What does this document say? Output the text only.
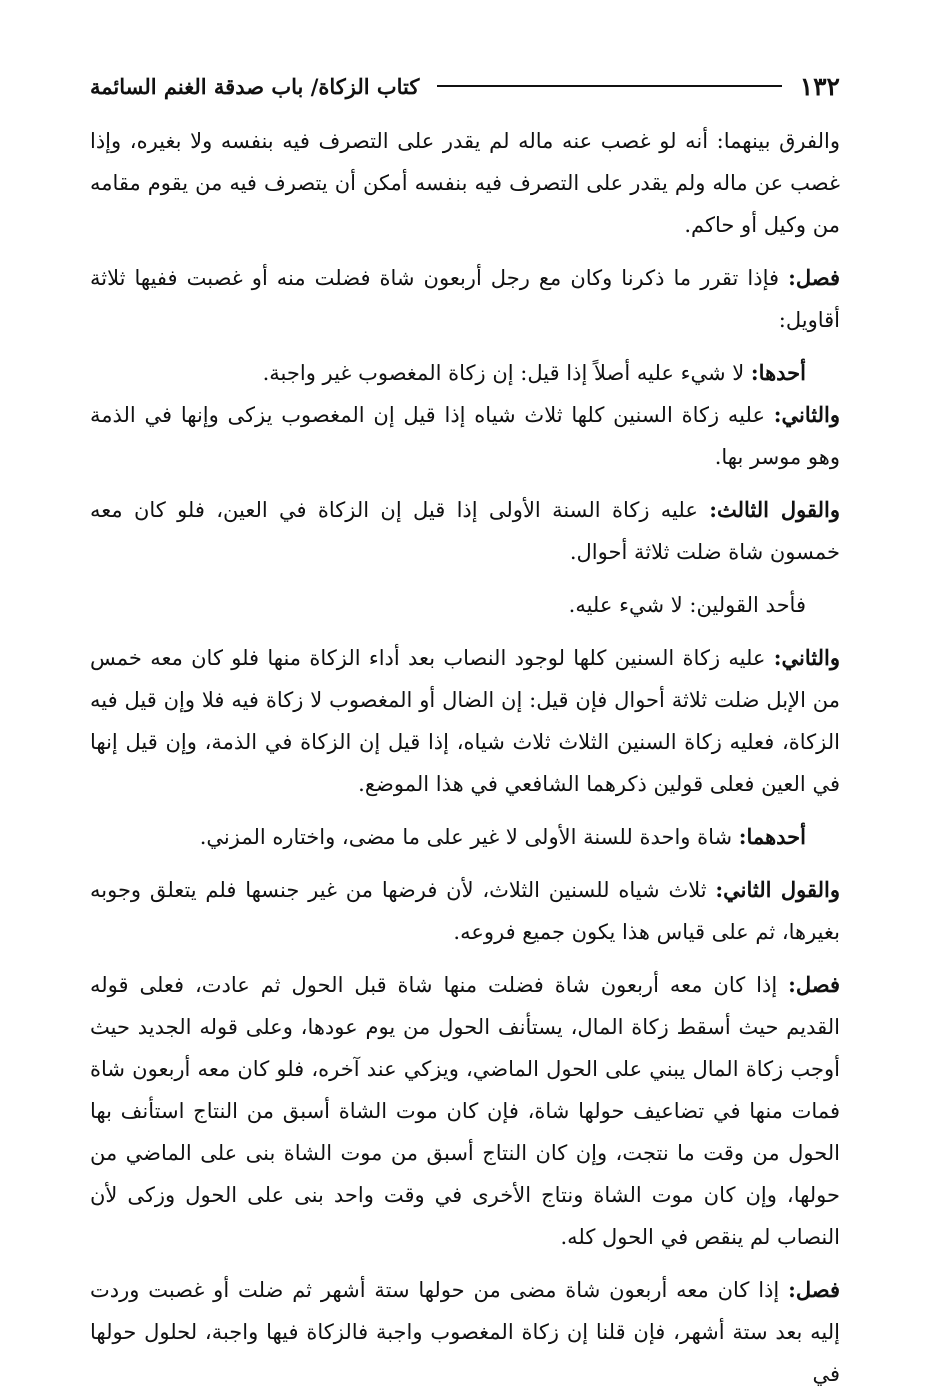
١٣٢
كتاب الزكاة/ باب صدقة الغنم السائمة

والفرق بينهما: أنه لو غصب عنه ماله لم يقدر على التصرف فيه بنفسه ولا بغيره، وإذا غصب عن ماله ولم يقدر على التصرف فيه بنفسه أمكن أن يتصرف فيه من يقوم مقامه من وكيل أو حاكم.

فصل: فإذا تقرر ما ذكرنا وكان مع رجل أربعون شاة فضلت منه أو غصبت ففيها ثلاثة أقاويل:

أحدها: لا شيء عليه أصلاً إذا قيل: إن زكاة المغصوب غير واجبة.

والثاني: عليه زكاة السنين كلها ثلاث شياه إذا قيل إن المغصوب يزكى وإنها في الذمة وهو موسر بها.

والقول الثالث: عليه زكاة السنة الأولى إذا قيل إن الزكاة في العين، فلو كان معه خمسون شاة ضلت ثلاثة أحوال.

فأحد القولين: لا شيء عليه.

والثاني: عليه زكاة السنين كلها لوجود النصاب بعد أداء الزكاة منها فلو كان معه خمس من الإبل ضلت ثلاثة أحوال فإن قيل: إن الضال أو المغصوب لا زكاة فيه فلا وإن قيل فيه الزكاة، فعليه زكاة السنين الثلاث ثلاث شياه، إذا قيل إن الزكاة في الذمة، وإن قيل إنها في العين فعلى قولين ذكرهما الشافعي في هذا الموضع.

أحدهما: شاة واحدة للسنة الأولى لا غير على ما مضى، واختاره المزني.

والقول الثاني: ثلاث شياه للسنين الثلاث، لأن فرضها من غير جنسها فلم يتعلق وجوبه بغيرها، ثم على قياس هذا يكون جميع فروعه.

فصل: إذا كان معه أربعون شاة فضلت منها شاة قبل الحول ثم عادت، فعلى قوله القديم حيث أسقط زكاة المال، يستأنف الحول من يوم عودها، وعلى قوله الجديد حيث أوجب زكاة المال يبني على الحول الماضي، ويزكي عند آخره، فلو كان معه أربعون شاة فمات منها في تضاعيف حولها شاة، فإن كان موت الشاة أسبق من النتاج استأنف بها الحول من وقت ما نتجت، وإن كان النتاج أسبق من موت الشاة بنى على الماضي من حولها، وإن كان موت الشاة ونتاج الأخرى في وقت واحد بنى على الحول وزكى لأن النصاب لم ينقص في الحول كله.

فصل: إذا كان معه أربعون شاة مضى من حولها ستة أشهر ثم ضلت أو غصبت وردت إليه بعد ستة أشهر، فإن قلنا إن زكاة المغصوب واجبة فالزكاة فيها واجبة، لحلول حولها في
